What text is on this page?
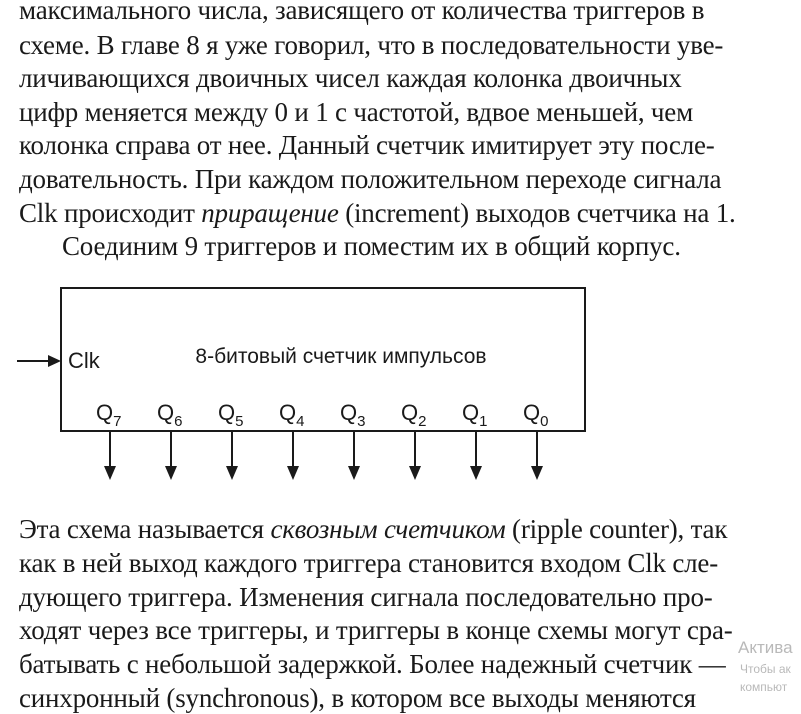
максимального числа, зависящего от количества триггеров в
схеме. В главе 8 я уже говорил, что в последовательности уве-
личивающихся двоичных чисел каждая колонка двоичных
цифр меняется между 0 и 1 с частотой, вдвое меньшей, чем
колонка справа от нее. Данный счетчик имитирует эту после-
довательность. При каждом положительном переходе сигнала
Clk происходит приращение (increment) выходов счетчика на 1.
Соединим 9 триггеров и поместим их в общий корпус.
Clk	8-битовый счетчик импульсов
$Q_7$ $Q_6$ $Q_5$ $Q_4$ $Q_3$ $Q_2$ $Q_1$ $Q_0$
Эта схема называется сквозным счетчиком (ripple counter), так
как в ней выход каждого триггера становится входом Clk сле-
дующего триггера. Изменения сигнала последовательно про-
ходят через все триггеры, и триггеры в конце схемы могут сра-
батывать с небольшой задержкой. Более надежный счетчик —
синхронный (synchronous), в котором все выходы меняются
Актива
Чтобы ак
компьют
